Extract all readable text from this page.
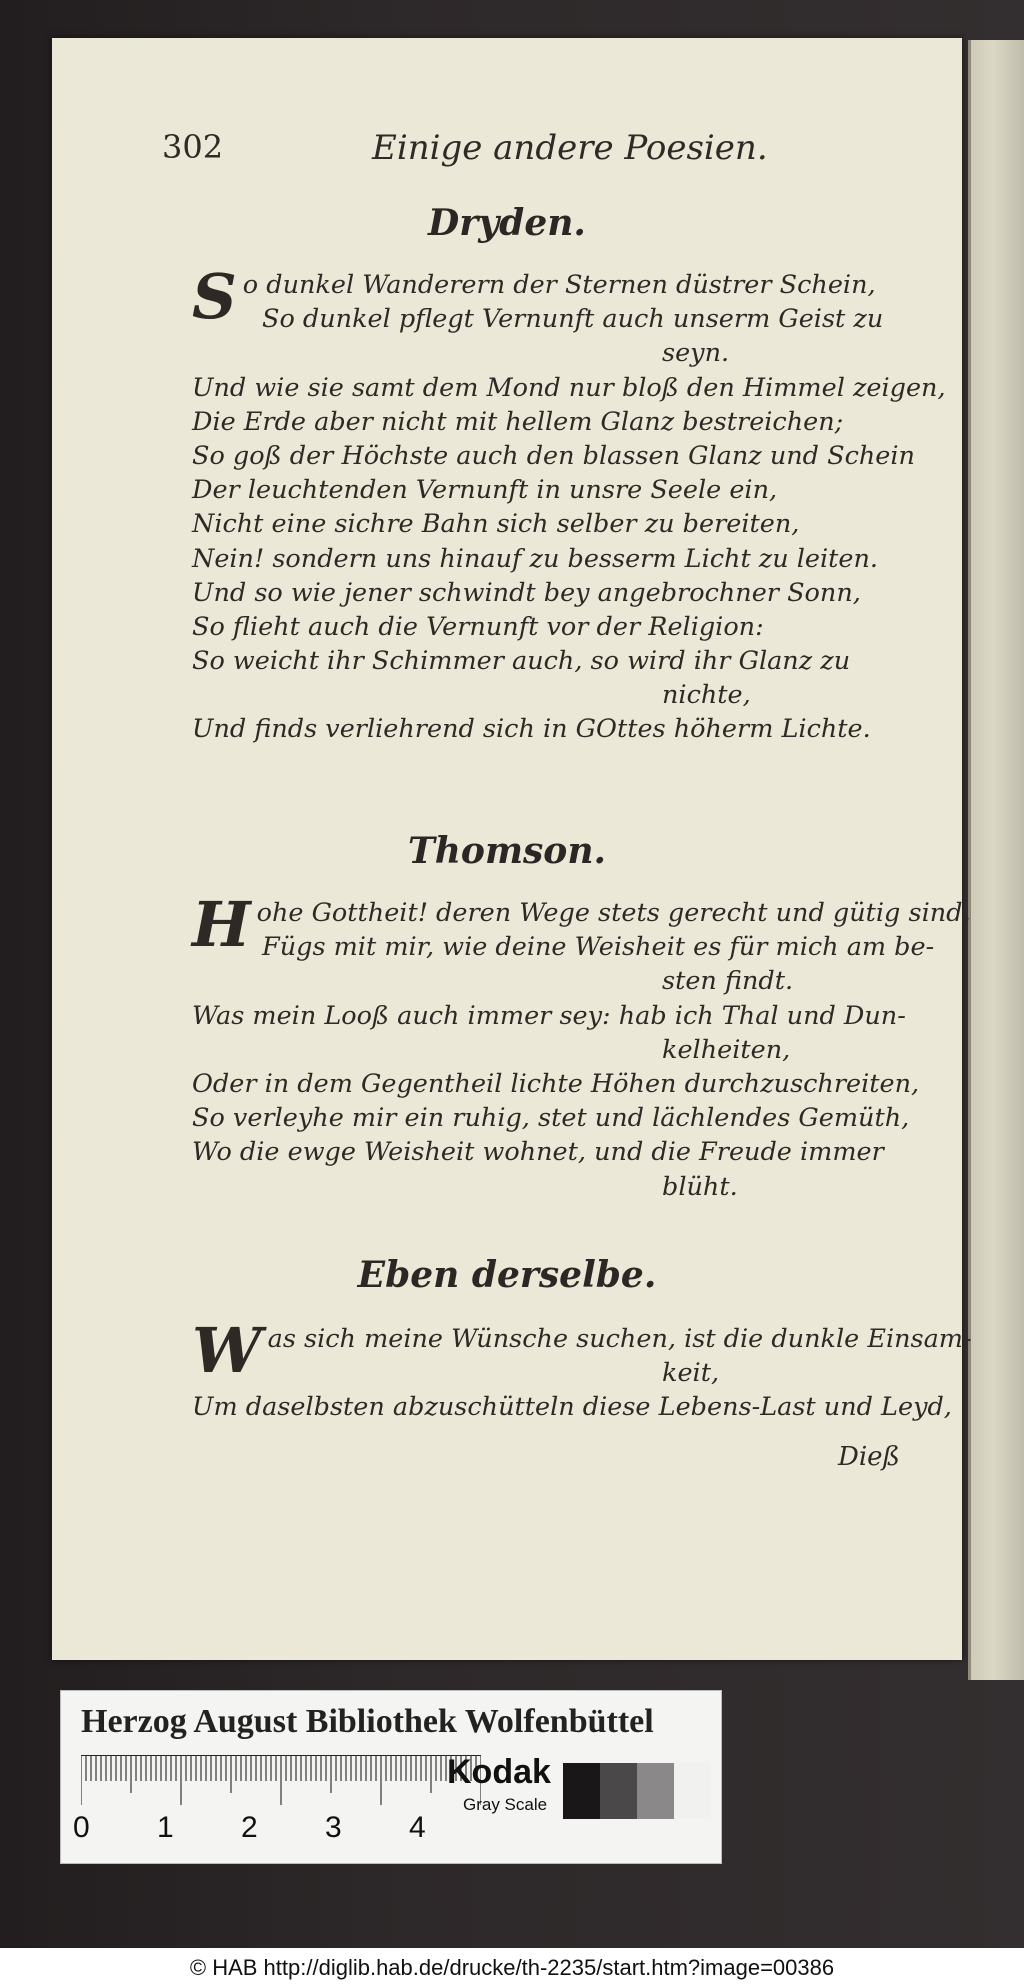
302	Einige andere Poesien.
Dryden.
So dunkel Wanderern der Sternen düstrer Schein,
So dunkel pflegt Vernunft auch unserm Geist zu
seyn.
Und wie sie samt dem Mond nur bloß den Himmel zeigen,
Die Erde aber nicht mit hellem Glanz bestreichen;
So goß der Höchste auch den blassen Glanz und Schein
Der leuchtenden Vernunft in unsre Seele ein,
Nicht eine sichre Bahn sich selber zu bereiten,
Nein! sondern uns hinauf zu besserm Licht zu leiten.
Und so wie jener schwindt bey angebrochner Sonn,
So flieht auch die Vernunft vor der Religion:
So weicht ihr Schimmer auch, so wird ihr Glanz zu
nichte,
Und finds verliehrend sich in GOttes höherm Lichte.
Thomson.
Hohe Gottheit! deren Wege stets gerecht und gütig sind,
Fügs mit mir, wie deine Weisheit es für mich am be-
sten findt.
Was mein Looß auch immer sey: hab ich Thal und Dun-
kelheiten,
Oder in dem Gegentheil lichte Höhen durchzuschreiten,
So verleyhe mir ein ruhig, stet und lächlendes Gemüth,
Wo die ewge Weisheit wohnet, und die Freude immer
blüht.
Eben derselbe.
Was sich meine Wünsche suchen, ist die dunkle Einsam-
keit,
Um daselbsten abzuschütteln diese Lebens-Last und Leyd,
Dieß
Herzog August Bibliothek Wolfenbüttel
0 1 2 3 4
Kodak
Gray Scale
© HAB http://diglib.hab.de/drucke/th-2235/start.htm?image=00386
